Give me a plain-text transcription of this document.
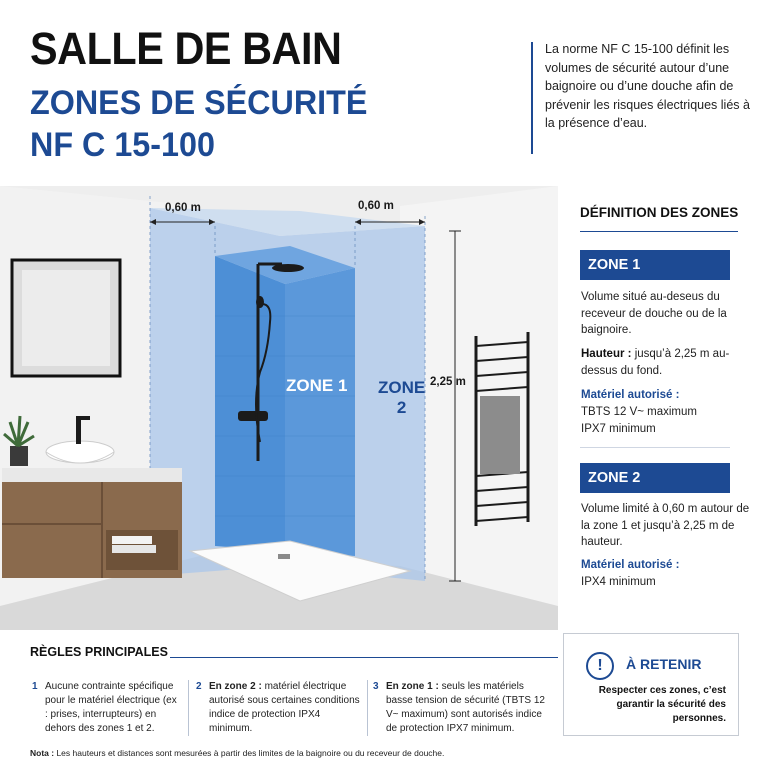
SALLE DE BAIN
ZONES DE SÉCURITÉ
NF C 15-100
La norme NF C 15-100 définit les volumes de sécurité autour d’une baignoire ou d’une douche afin de prévenir les risques électriques liés à la présence d’eau.
0,60 m	0,60 m
2,25 m
ZONE 1 ZONE
2
DÉFINITION DES ZONES
ZONE 1
Volume situé au-deseus du receveur de douche ou de la baignoire.
Hauteur : jusqu’à 2,25 m au-dessus du fond.
Matériel autorisé :
TBTS 12 V~ maximum
IPX7 minimum
ZONE 2
Volume limité à 0,60 m autour de la zone 1 et jusqu’à 2,25 m de hauteur.
Matériel autorisé :
IPX4 minimum
RÈGLES PRINCIPALES
1 Aucune contrainte spécifique pour le matériel électrique (ex : prises, interrupteurs) en dehors des zones 1 et 2.
2 En zone 2 : matériel électrique autorisé sous certaines conditions indice de protection IPX4 minimum.
3 En zone 1 : seuls les matériels basse tension de sécurité (TBTS 12 V~ maximum) sont autorisés indice de protection IPX7 minimum.
Nota : Les hauteurs et distances sont mesurées à partir des limites de la baignoire ou du receveur de douche.
!	À RETENIR
Respecter ces zones, c’est garantir la sécurité des personnes.
